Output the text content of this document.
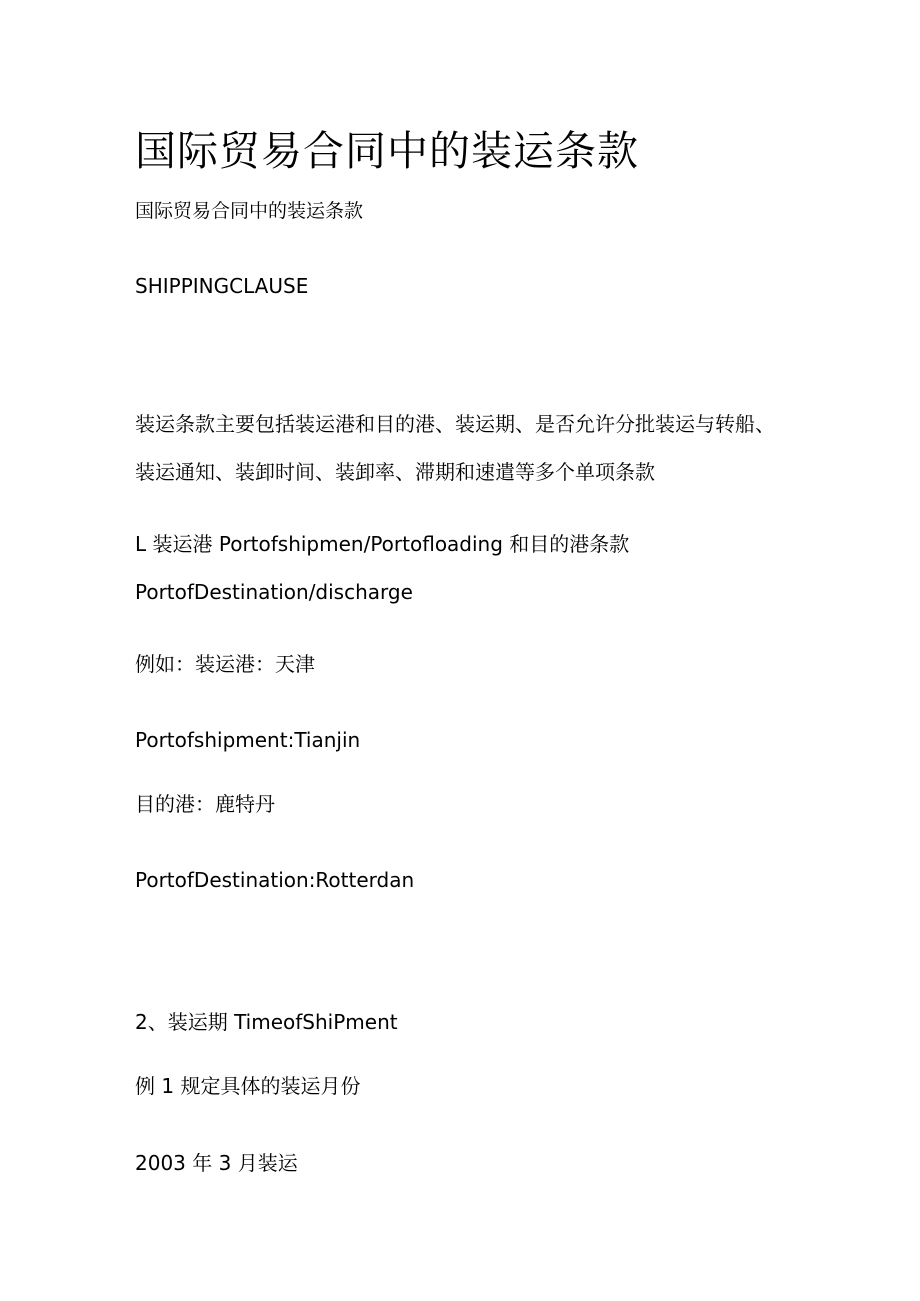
国际贸易合同中的装运条款

国际贸易合同中的装运条款

SHIPPINGCLAUSE

装运条款主要包括装运港和目的港、装运期、是否允许分批装运与转船、

装运通知、装卸时间、装卸率、滞期和速遣等多个单项条款

L 装运港 Portofshipmen/Portofloading 和目的港条款

PortofDestination/discharge

例如：装运港：天津

Portofshipment:Tianjin

目的港：鹿特丹

PortofDestination:Rotterdan

2、装运期 TimeofShiPment

例 1 规定具体的装运月份

2003 年 3 月装运
